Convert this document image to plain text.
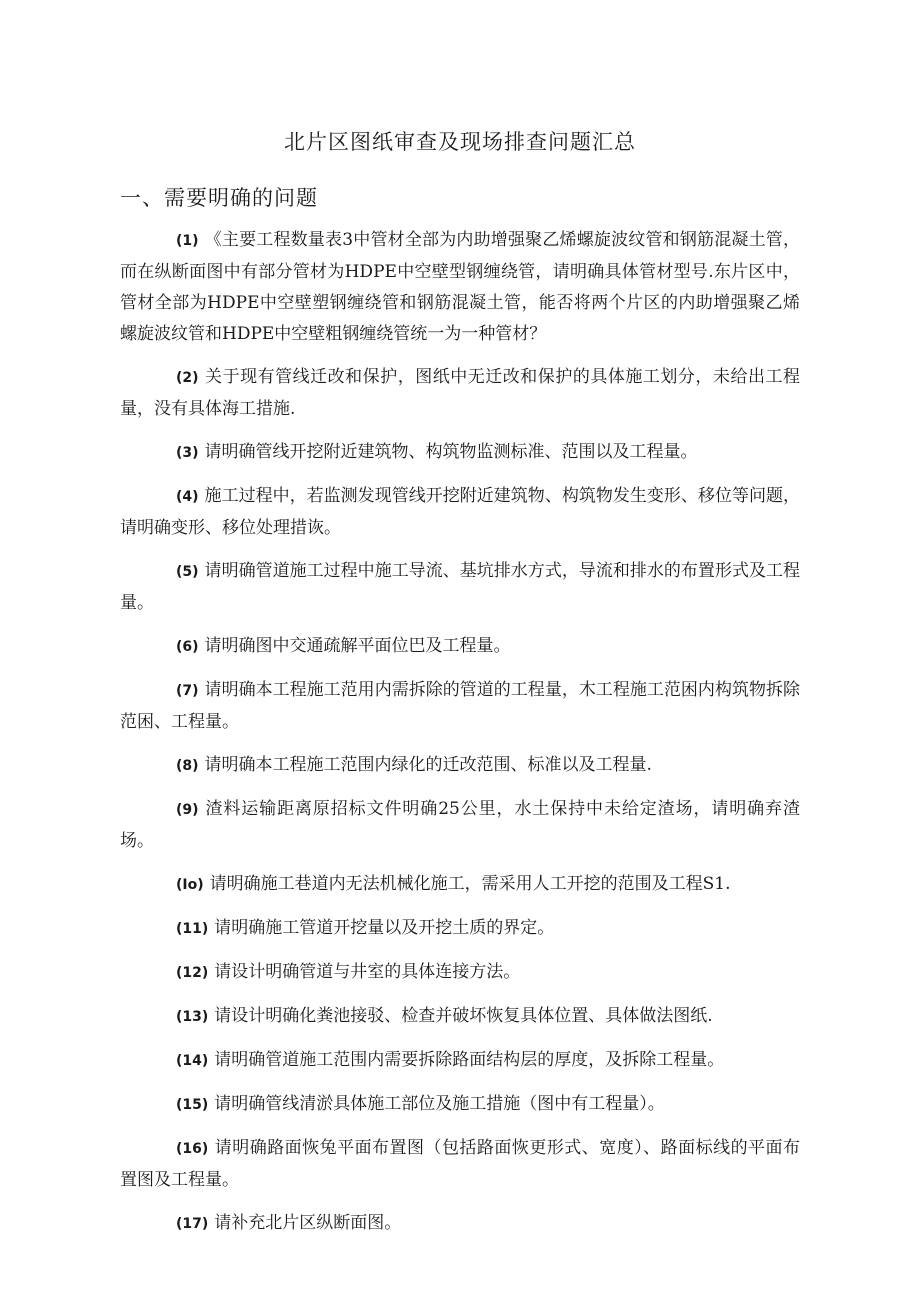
北片区图纸审查及现场排查问题汇总
一、需要明确的问题
(1) 《主要工程数量表3中管材全部为内助增强聚乙烯螺旋波纹管和钢筋混凝土管，而在纵断面图中有部分管材为HDPE中空壁型钢缠绕管，请明确具体管材型号.东片区中，管材全部为HDPE中空壁塑钢缠绕管和钢筋混凝土管，能否将两个片区的内助增强聚乙烯螺旋波纹管和HDPE中空壁粗钢缠绕管统一为一种管材？
(2) 关于现有管线迁改和保护，图纸中无迁改和保护的具体施工划分，未给出工程量，没有具体海工措施.
(3) 请明确管线开挖附近建筑物、构筑物监测标准、范围以及工程量。
(4) 施工过程中，若监测发现管线开挖附近建筑物、构筑物发生变形、移位等问题，请明确变形、移位处理措诙。
(5) 请明确管道施工过程中施工导流、基坑排水方式，导流和排水的布置形式及工程量。
(6) 请明确图中交通疏解平面位巴及工程量。
(7) 请明确本工程施工范用内需拆除的管道的工程量，木工程施工范困内构筑物拆除范困、工程量。
(8) 请明确本工程施工范围内绿化的迁改范围、标准以及工程量.
(9) 渣料运输距离原招标文件明确25公里，水土保持中未给定渣场，请明确弃渣场。
(Io) 请明确施工巷道内无法机械化施工，需采用人工开挖的范围及工程S1.
(11) 请明确施工管道开挖量以及开挖土质的界定。
(12) 请设计明确管道与井室的具体连接方法。
(13) 请设计明确化粪池接驳、检查并破坏恢复具体位置、具体做法图纸.
(14) 请明确管道施工范围内需要拆除路面结构层的厚度，及拆除工程量。
(15) 请明确管线清淤具体施工部位及施工措施（图中有工程量）。
(16) 请明确路面恢兔平面布置图（包括路面恢更形式、宽度）、路面标线的平面布置图及工程量。
(17) 请补充北片区纵断面图。
